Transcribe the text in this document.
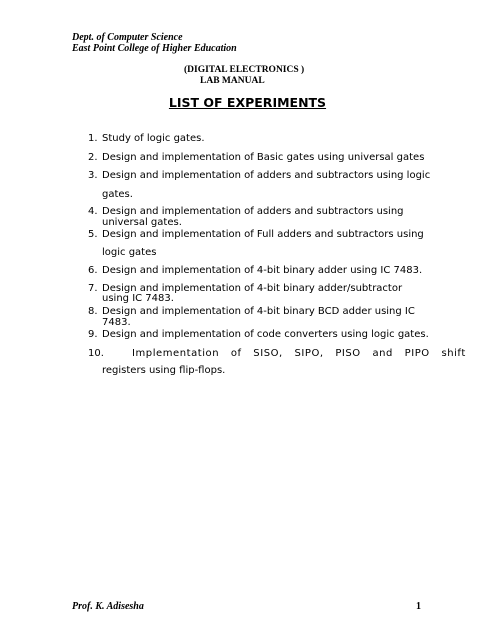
Dept. of Computer Science
East Point College of Higher Education
(DIGITAL ELECTRONICS )
LAB MANUAL
LIST OF EXPERIMENTS
1. Study of logic gates.
2. Design and implementation of Basic gates using universal gates
3. Design and implementation of adders and subtractors using logic
gates.
4. Design and implementation of adders and subtractors using
universal gates.
5. Design and implementation of Full adders and subtractors using
logic gates
6. Design and implementation of 4-bit binary adder using IC 7483.
7. Design and implementation of 4-bit binary adder/subtractor
using IC 7483.
8. Design and implementation of 4-bit binary BCD adder using IC
7483.
9. Design and implementation of code converters using logic gates.
10.	Implementation of SISO, SIPO, PISO and PIPO shift
registers using flip-flops.
Prof. K. Adisesha	1
